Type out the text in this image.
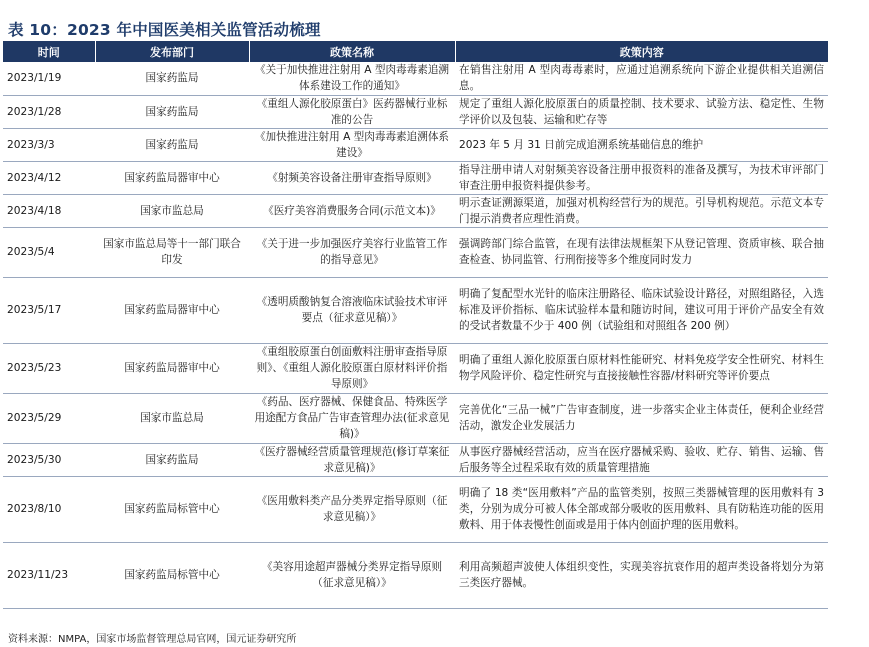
表 10：2023 年中国医美相关监管活动梳理
时间	发布部门	政策名称	政策内容
2023/1/19	国家药监局	《关于加快推进注射用 A 型肉毒毒素追溯体系建设工作的通知》	在销售注射用 A 型肉毒毒素时，应通过追溯系统向下游企业提供相关追溯信息。
2023/1/28	国家药监局	《重组人源化胶原蛋白》医药器械行业标准的公告	规定了重组人源化胶原蛋白的质量控制、技术要求、试验方法、稳定性、生物学评价以及包装、运输和贮存等
2023/3/3	国家药监局	《加快推进注射用 A 型肉毒毒素追溯体系建设》	2023 年 5 月 31 日前完成追溯系统基础信息的维护
2023/4/12	国家药监局器审中心	《射频美容设备注册审查指导原则》	指导注册申请人对射频美容设备注册申报资料的准备及撰写，为技术审评部门审查注册申报资料提供参考。
2023/4/18	国家市监总局	《医疗美容消费服务合同(示范文本)》	明示查证溯源渠道，加强对机构经营行为的规范。引导机构规范。示范文本专门提示消费者应理性消费。
2023/5/4	国家市监总局等十一部门联合印发	《关于进一步加强医疗美容行业监管工作的指导意见》	强调跨部门综合监管，在现有法律法规框架下从登记管理、资质审核、联合抽查检查、协同监管、行刑衔接等多个维度同时发力
2023/5/17	国家药监局器审中心	《透明质酸钠复合溶液临床试验技术审评要点（征求意见稿）》	明确了复配型水光针的临床注册路径、临床试验设计路径，对照组路径，入选标准及评价指标、临床试验样本量和随访时间，建议可用于评价产品安全有效的受试者数量不少于 400 例（试验组和对照组各 200 例）
2023/5/23	国家药监局器审中心	《重组胶原蛋白创面敷料注册审查指导原则》、《重组人源化胶原蛋白原材料评价指导原则》	明确了重组人源化胶原蛋白原材料性能研究、材料免疫学安全性研究、材料生物学风险评价、稳定性研究与直接接触性容器/材料研究等评价要点
2023/5/29	国家市监总局	《药品、医疗器械、保健食品、特殊医学用途配方食品广告审查管理办法(征求意见稿)》	完善优化“三品一械”广告审查制度，进一步落实企业主体责任，便利企业经营活动，激发企业发展活力
2023/5/30	国家药监局	《医疗器械经营质量管理规范(修订草案征求意见稿)》	从事医疗器械经营活动，应当在医疗器械采购、验收、贮存、销售、运输、售后服务等全过程采取有效的质量管理措施
2023/8/10	国家药监局标管中心	《医用敷料类产品分类界定指导原则（征求意见稿）》	明确了 18 类“医用敷料”产品的监管类别，按照三类器械管理的医用敷料有 3 类，分别为成分可被人体全部或部分吸收的医用敷料、具有防粘连功能的医用敷料、用于体表慢性创面或是用于体内创面护理的医用敷料。
2023/11/23	国家药监局标管中心	《美容用途超声器械分类界定指导原则（征求意见稿）》	利用高频超声波使人体组织变性，实现美容抗衰作用的超声类设备将划分为第三类医疗器械。
资料来源：NMPA，国家市场监督管理总局官网，国元证券研究所
